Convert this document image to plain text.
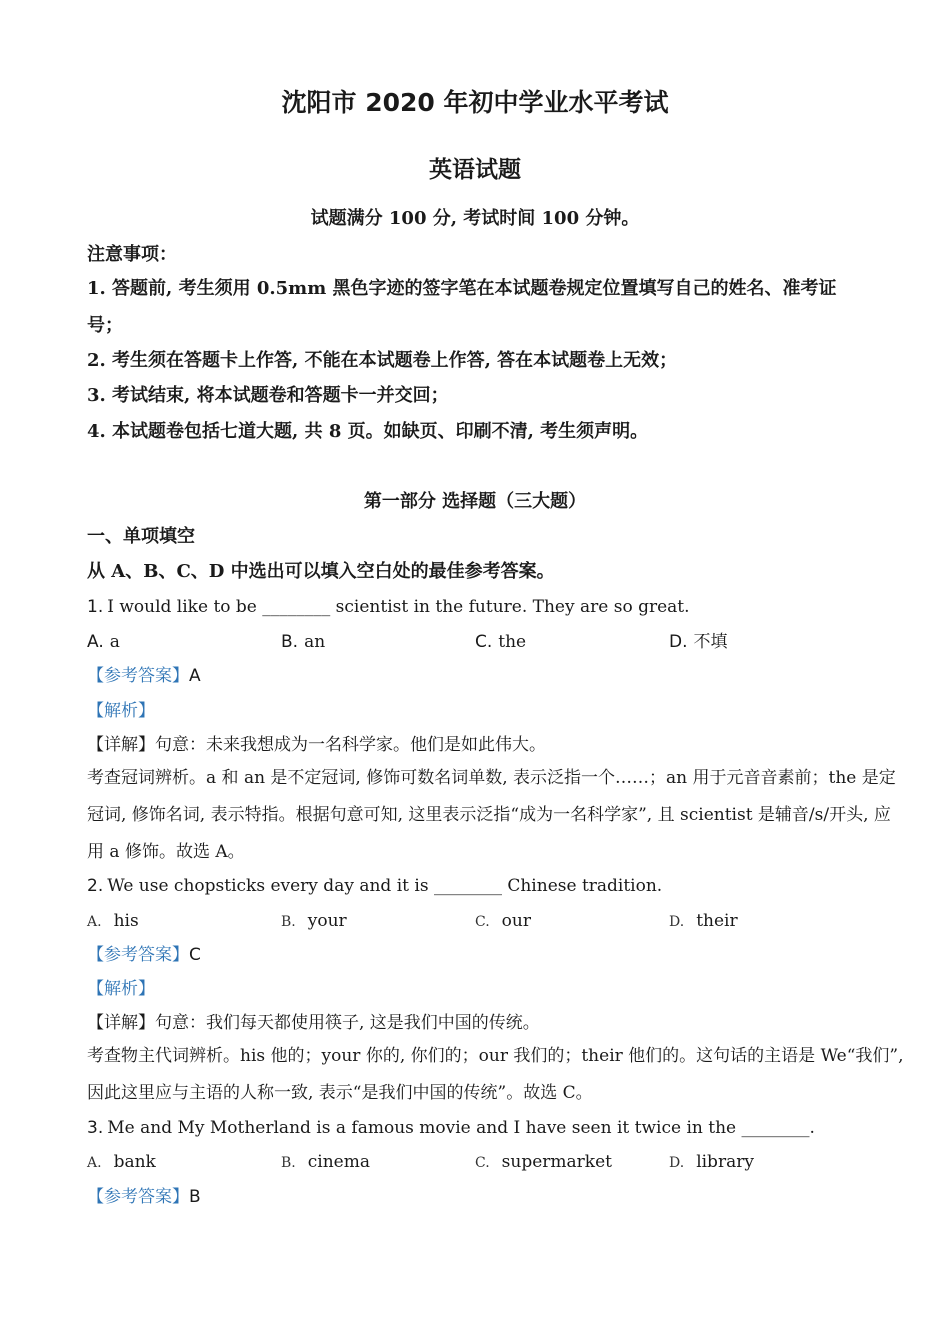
沈阳市 2020 年初中学业水平考试
英语试题
试题满分 100 分, 考试时间 100 分钟。
注意事项：
1. 答题前, 考生须用 0.5mm 黑色字迹的签字笔在本试题卷规定位置填写自己的姓名、准考证
号；
2. 考生须在答题卡上作答, 不能在本试题卷上作答, 答在本试题卷上无效；
3. 考试结束, 将本试题卷和答题卡一并交回；
4. 本试题卷包括七道大题, 共 8 页。如缺页、印刷不清, 考生须声明。
第一部分 选择题（三大题）
一、单项填空
从 A、B、C、D 中选出可以填入空白处的最佳参考答案。
1. I would like to be ________ scientist in the future. They are so great.
A. a	B. an	C. the	D. 不填
【参考答案】A
【解析】
【详解】句意：未来我想成为一名科学家。他们是如此伟大。
考查冠词辨析。a 和 an 是不定冠词, 修饰可数名词单数, 表示泛指一个……；an 用于元音音素前；the 是定
冠词, 修饰名词, 表示特指。根据句意可知, 这里表示泛指“成为一名科学家”, 且 scientist 是辅音/s/开头, 应
用 a 修饰。故选 A。
2. We use chopsticks every day and it is ________ Chinese tradition.
A. his	B. your	C. our	D. their
【参考答案】C
【解析】
【详解】句意：我们每天都使用筷子, 这是我们中国的传统。
考查物主代词辨析。his 他的；your 你的, 你们的；our 我们的；their 他们的。这句话的主语是 We“我们”,
因此这里应与主语的人称一致, 表示“是我们中国的传统”。故选 C。
3. Me and My Motherland is a famous movie and I have seen it twice in the ________.
A. bank	B. cinema	C. supermarket	D. library
【参考答案】B
